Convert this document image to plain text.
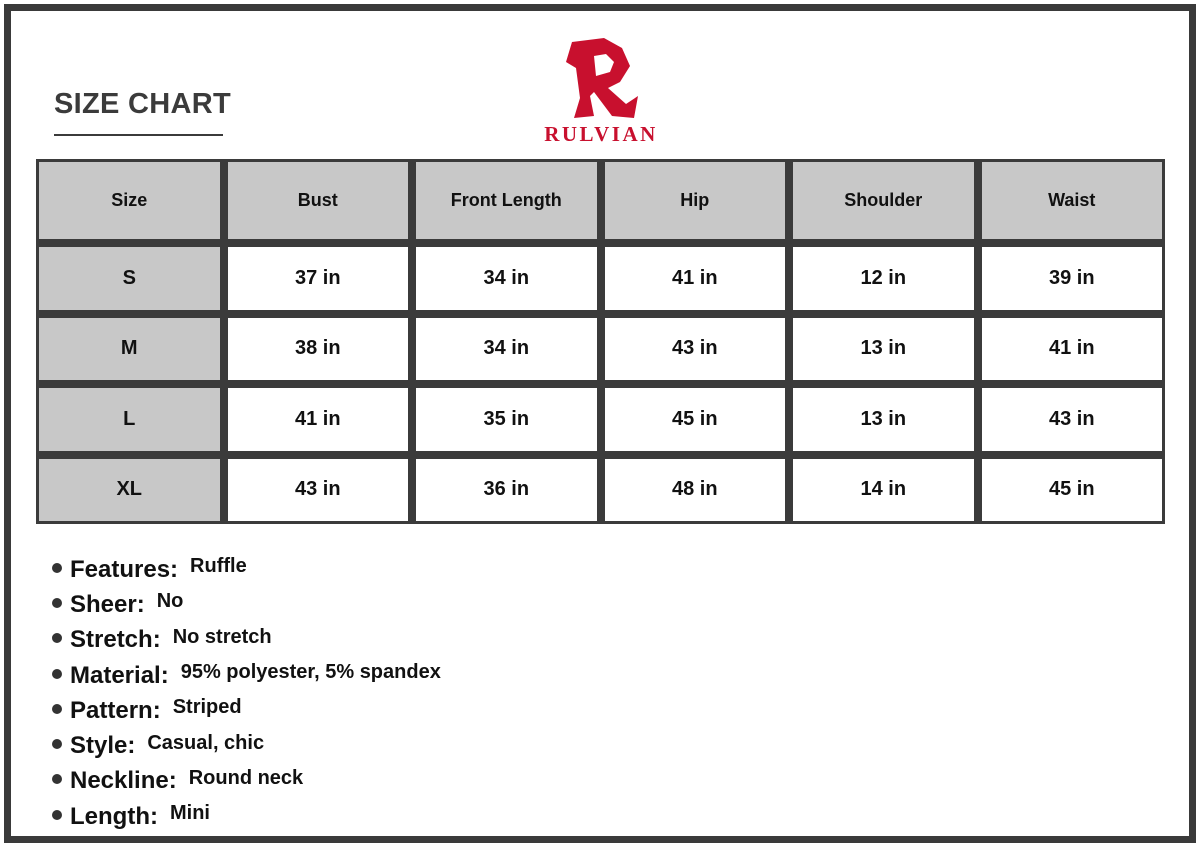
SIZE CHART
RULVIAN
Size	Bust	Front Length	Hip	Shoulder	Waist
S	37 in	34 in	41 in	12 in	39 in
M	38 in	34 in	43 in	13 in	41 in
L	41 in	35 in	45 in	13 in	43 in
XL	43 in	36 in	48 in	14 in	45 in
Features: Ruffle
Sheer: No
Stretch: No stretch
Material: 95% polyester, 5% spandex
Pattern: Striped
Style: Casual, chic
Neckline: Round neck
Length: Mini
